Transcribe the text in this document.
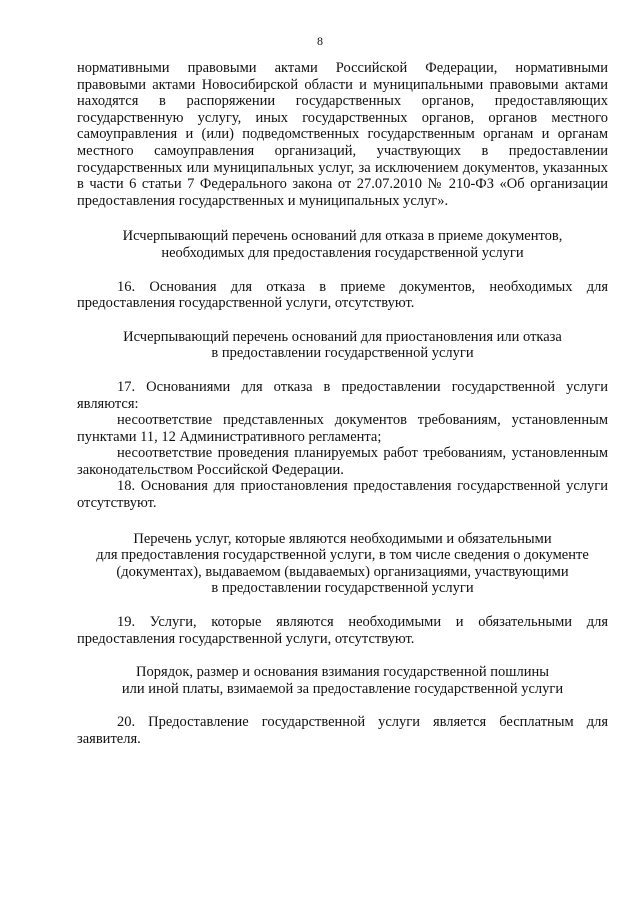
8

нормативными правовыми актами Российской Федерации, нормативными правовыми актами Новосибирской области и муниципальными правовыми актами находятся в распоряжении государственных органов, предоставляющих государственную услугу, иных государственных органов, органов местного самоуправления и (или) подведомственных государственным органам и органам местного самоуправления организаций, участвующих в предоставлении государственных или муниципальных услуг, за исключением документов, указанных в части 6 статьи 7 Федерального закона от 27.07.2010 № 210-ФЗ «Об организации предоставления государственных и муниципальных услуг».

Исчерпывающий перечень оснований для отказа в приеме документов,
необходимых для предоставления государственной услуги

16. Основания для отказа в приеме документов, необходимых для предоставления государственной услуги, отсутствуют.

Исчерпывающий перечень оснований для приостановления или отказа
в предоставлении государственной услуги

17. Основаниями для отказа в предоставлении государственной услуги являются:

несоответствие представленных документов требованиям, установленным пунктами 11, 12 Административного регламента;

несоответствие проведения планируемых работ требованиям, установленным законодательством Российской Федерации.

18. Основания для приостановления предоставления государственной услуги отсутствуют.

Перечень услуг, которые являются необходимыми и обязательными
для предоставления государственной услуги, в том числе сведения о документе
(документах), выдаваемом (выдаваемых) организациями, участвующими
в предоставлении государственной услуги

19. Услуги, которые являются необходимыми и обязательными для предоставления государственной услуги, отсутствуют.

Порядок, размер и основания взимания государственной пошлины
или иной платы, взимаемой за предоставление государственной услуги

20. Предоставление государственной услуги является бесплатным для заявителя.
